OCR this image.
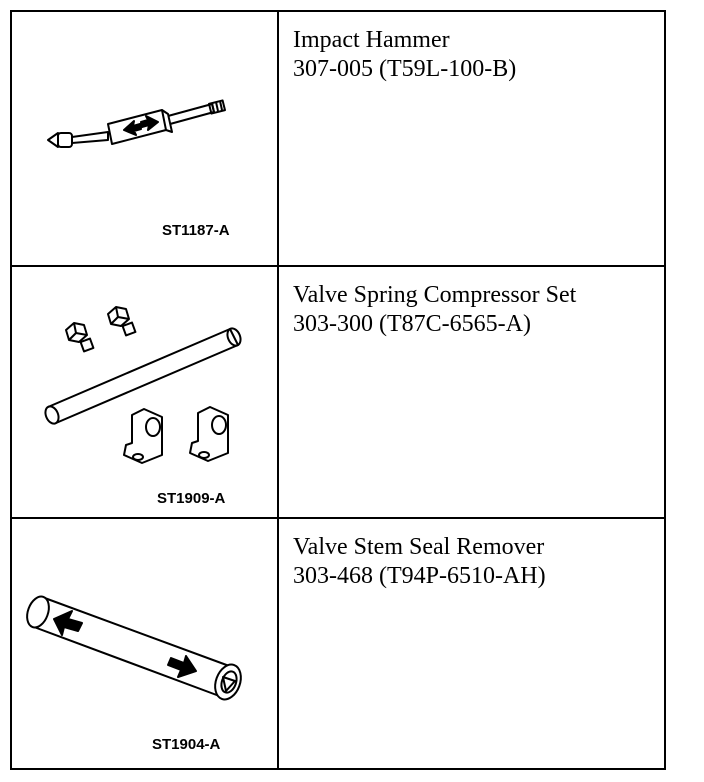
ST1187-A
Impact Hammer
307-005 (T59L-100-B)
ST1909-A
Valve Spring Compressor Set
303-300 (T87C-6565-A)
ST1904-A
Valve Stem Seal Remover
303-468 (T94P-6510-AH)
